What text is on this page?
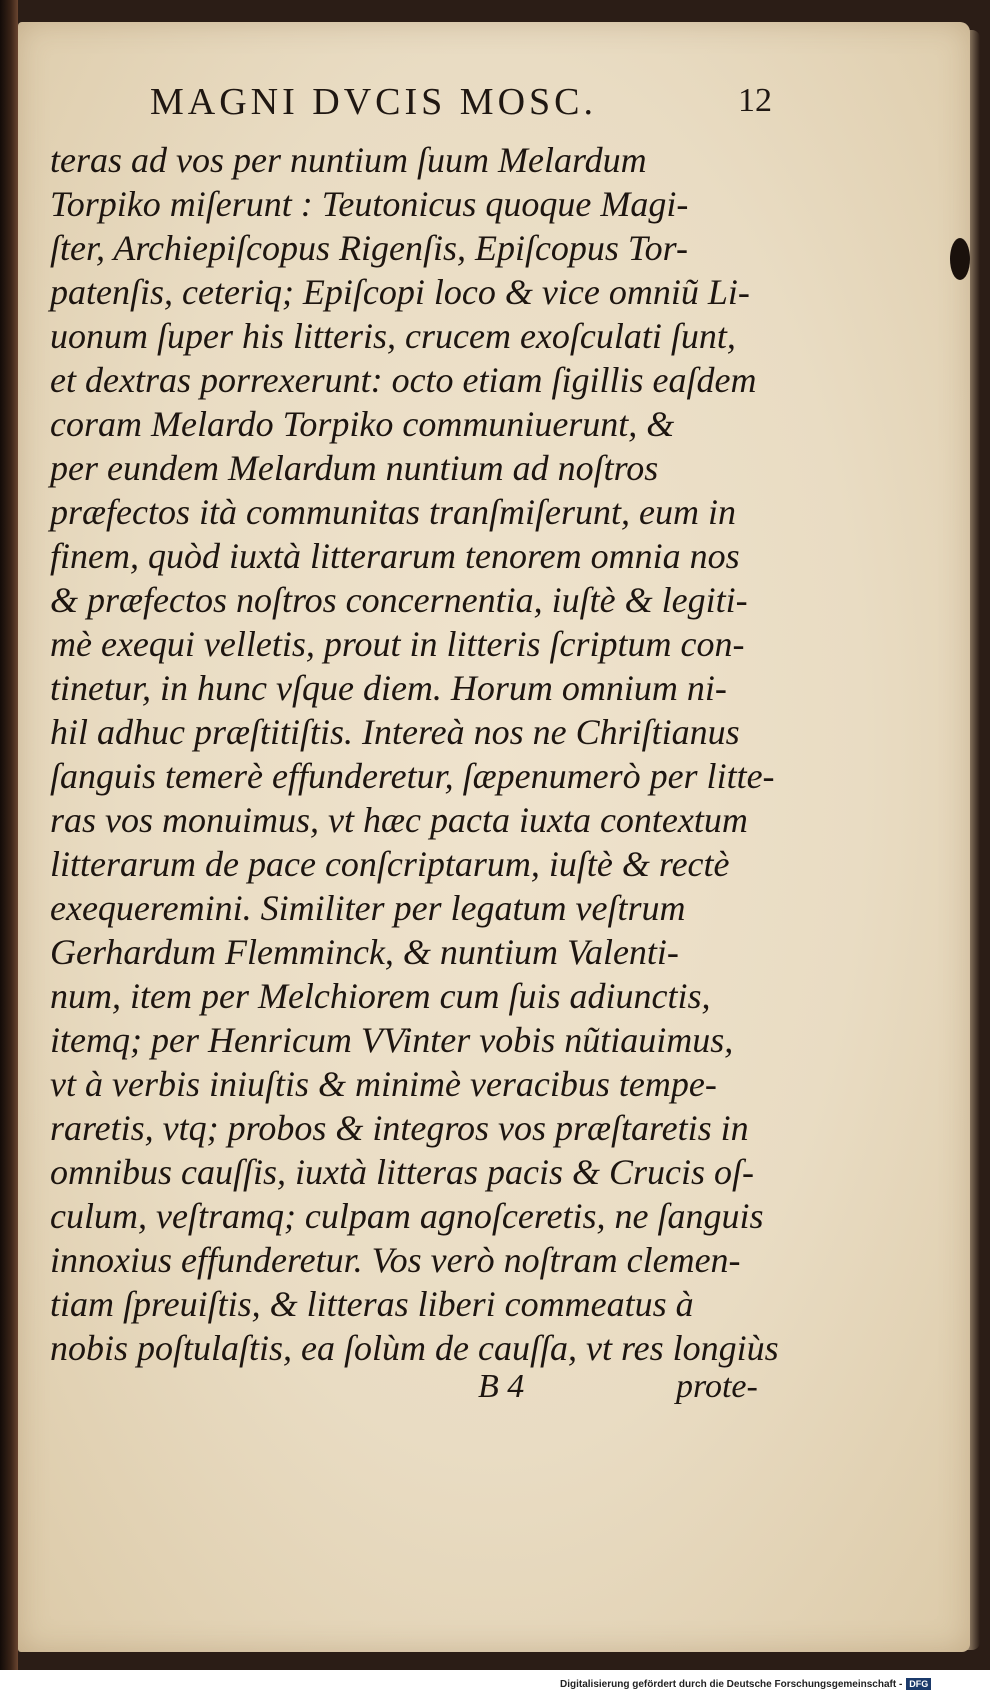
MAGNI DVCIS MOSC.	12
teras ad vos per nuntium ſuum Melardum
Torpiko miſerunt : Teutonicus quoque Magi-
ſter, Archiepiſcopus Rigenſis, Epiſcopus Tor-
patenſis, ceteriq; Epiſcopi loco & vice omniũ Li-
uonum ſuper his litteris, crucem exoſculati ſunt,
et dextras porrexerunt: octo etiam ſigillis eaſdem
coram Melardo Torpiko communiuerunt, &
per eundem Melardum nuntium ad noſtros
præfectos ità communitas tranſmiſerunt, eum in
finem, quòd iuxtà litterarum tenorem omnia nos
& præfectos noſtros concernentia, iuſtè & legiti-
mè exequi velletis, prout in litteris ſcriptum con-
tinetur, in hunc vſque diem. Horum omnium ni-
hil adhuc præſtitiſtis. Intereà nos ne Chriſtianus
ſanguis temerè effunderetur, ſæpenumerò per litte-
ras vos monuimus, vt hæc pacta iuxta contextum
litterarum de pace conſcriptarum, iuſtè & rectè
exequeremini. Similiter per legatum veſtrum
Gerhardum Flemminck, & nuntium Valenti-
num, item per Melchiorem cum ſuis adiunctis,
itemq; per Henricum VVinter vobis nũtiauimus,
vt à verbis iniuſtis & minimè veracibus tempe-
raretis, vtq; probos & integros vos præſtaretis in
omnibus cauſſis, iuxtà litteras pacis & Crucis oſ-
culum, veſtramq; culpam agnoſceretis, ne ſanguis
innoxius effunderetur. Vos verò noſtram clemen-
tiam ſpreuiſtis, & litteras liberi commeatus à
nobis poſtulaſtis, ea ſolùm de cauſſa, vt res longiùs
B 4	prote-
Digitalisierung gefördert durch die Deutsche Forschungsgemeinschaft - DFG
